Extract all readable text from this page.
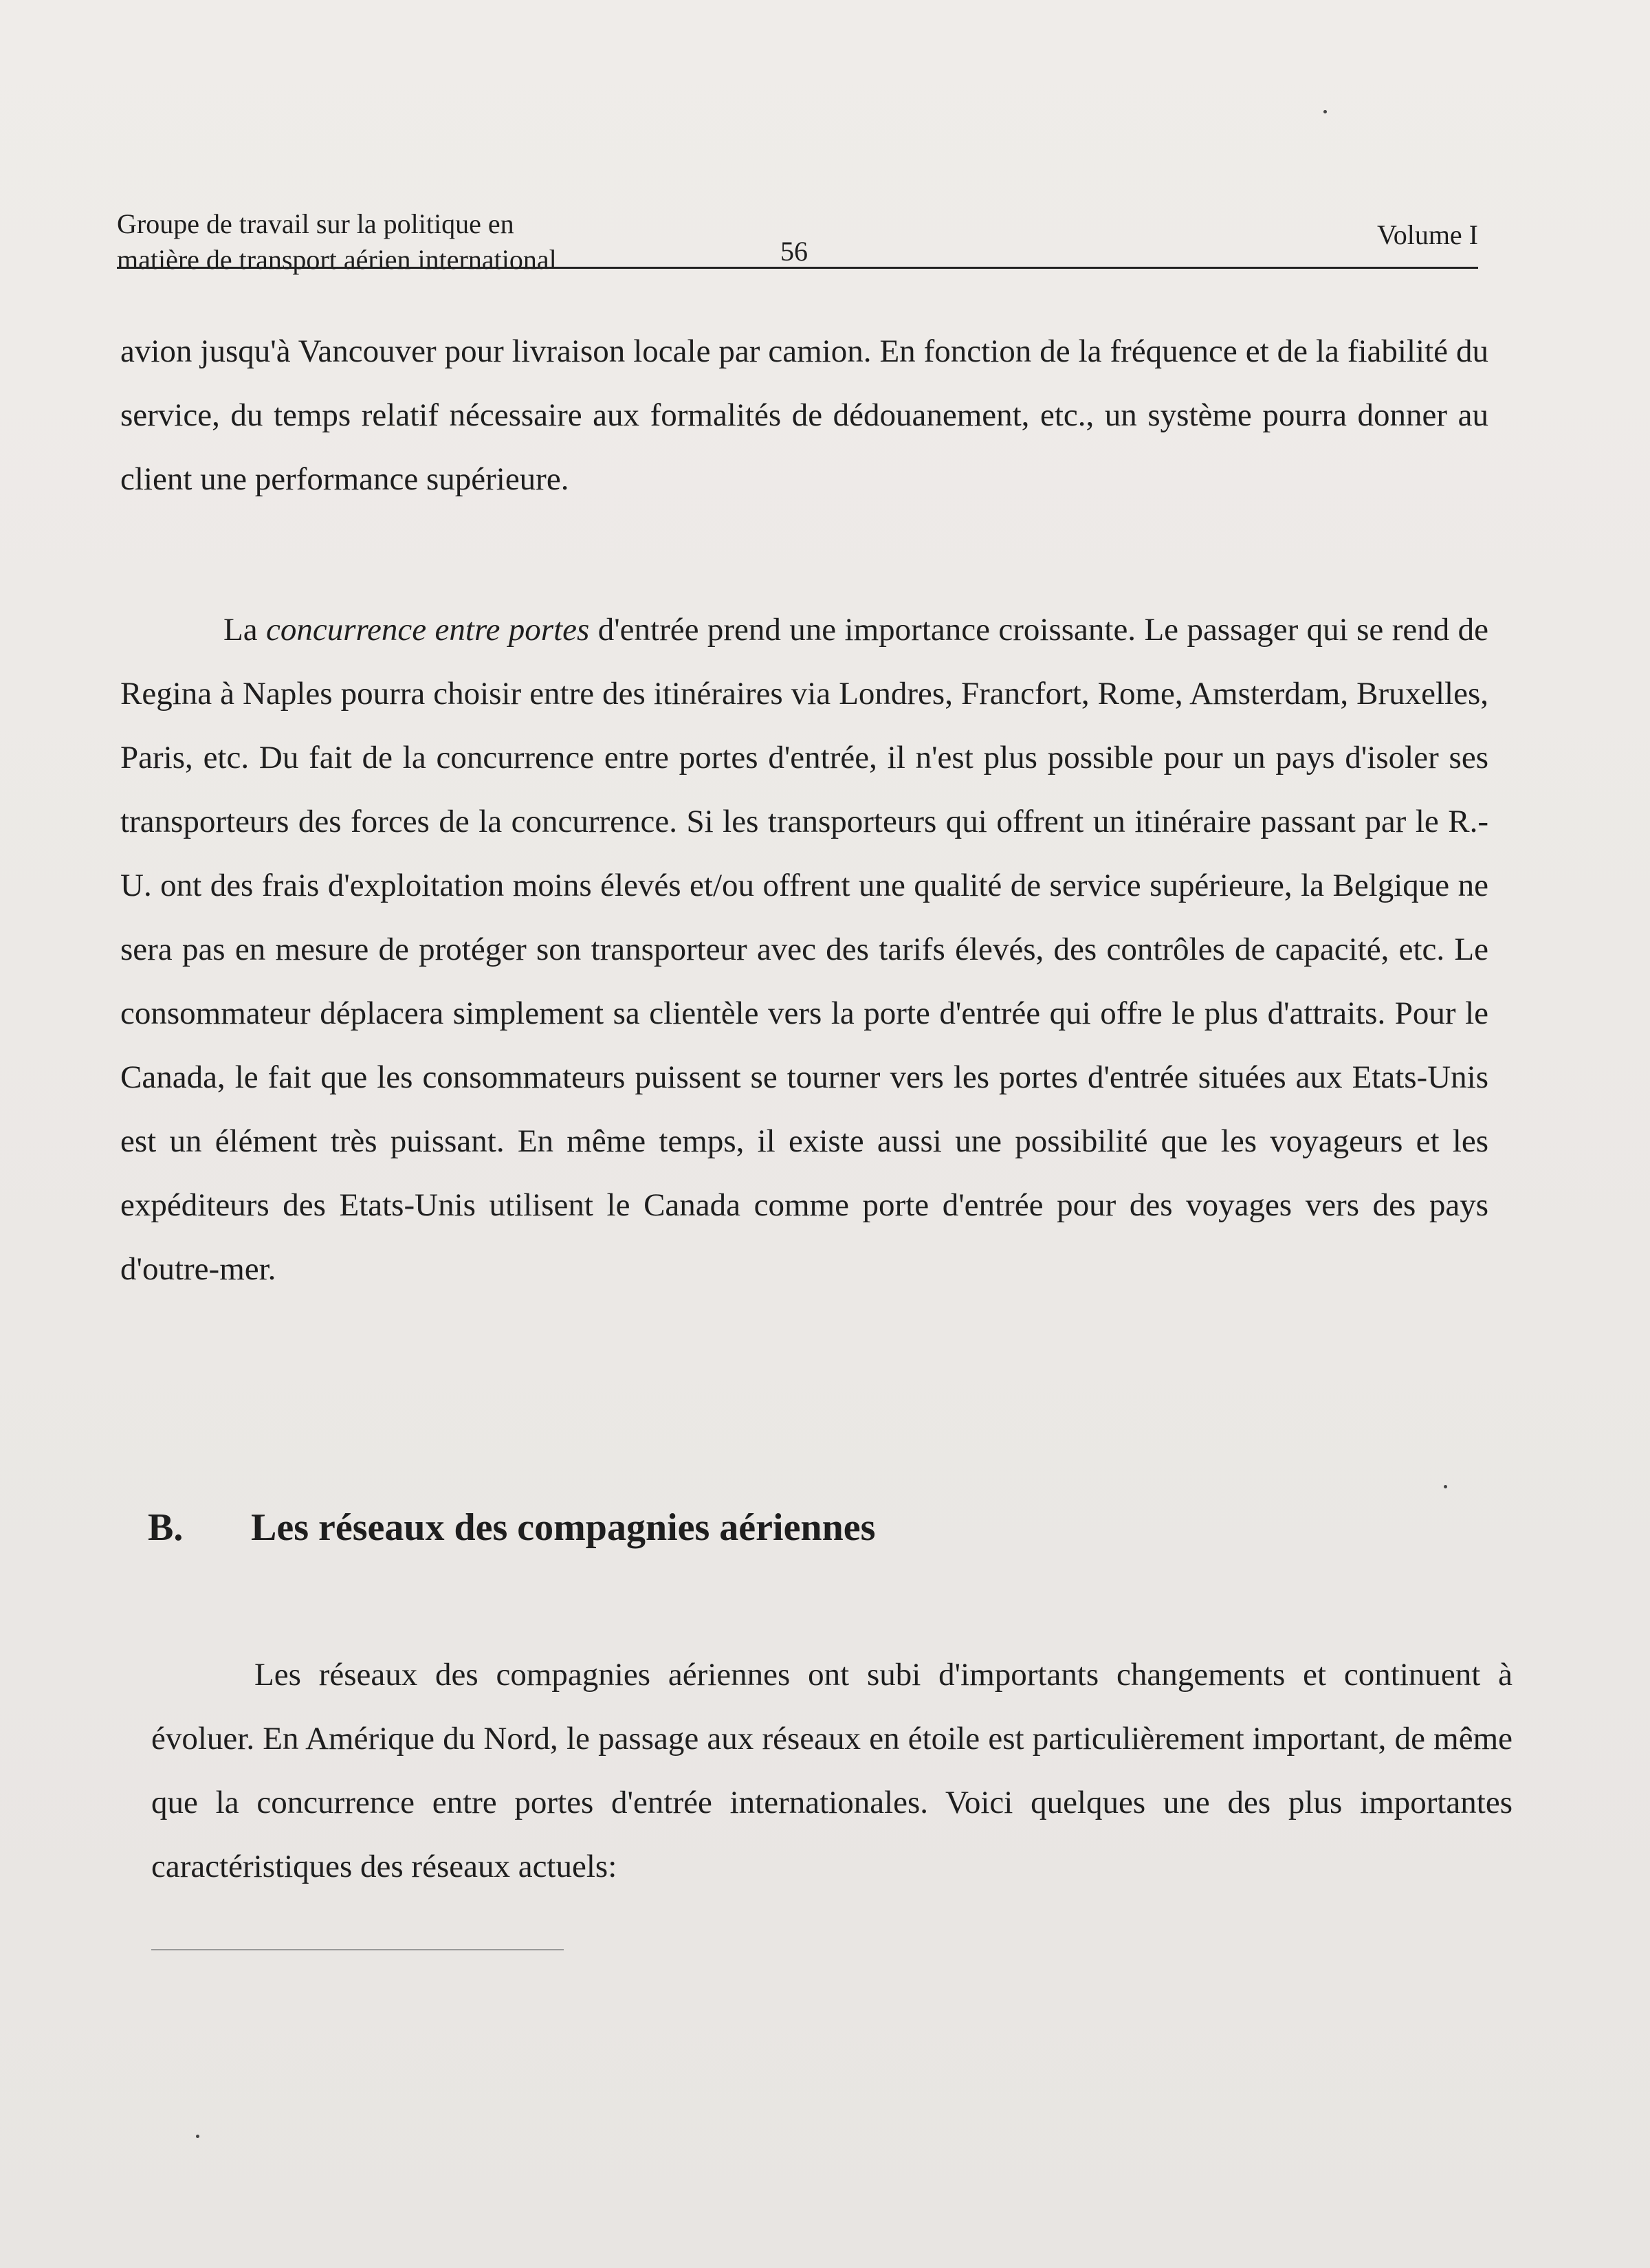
Groupe de travail sur la politique en
matière de transport aérien international	56
Volume I

avion jusqu'à Vancouver pour livraison locale par camion. En fonction de la fréquence et de la fiabilité du service, du temps relatif nécessaire aux formalités de dédouanement, etc., un système pourra donner au client une performance supérieure.

La concurrence entre portes d'entrée prend une importance croissante. Le passager qui se rend de Regina à Naples pourra choisir entre des itinéraires via Londres, Francfort, Rome, Amsterdam, Bruxelles, Paris, etc. Du fait de la concurrence entre portes d'entrée, il n'est plus possible pour un pays d'isoler ses transporteurs des forces de la concurrence. Si les transporteurs qui offrent un itinéraire passant par le R.-U. ont des frais d'exploitation moins élevés et/ou offrent une qualité de service supérieure, la Belgique ne sera pas en mesure de protéger son transporteur avec des tarifs élevés, des contrôles de capacité, etc. Le consommateur déplacera simplement sa clientèle vers la porte d'entrée qui offre le plus d'attraits. Pour le Canada, le fait que les consommateurs puissent se tourner vers les portes d'entrée situées aux Etats-Unis est un élément très puissant. En même temps, il existe aussi une possibilité que les voyageurs et les expéditeurs des Etats-Unis utilisent le Canada comme porte d'entrée pour des voyages vers des pays d'outre-mer.

B. Les réseaux des compagnies aériennes

Les réseaux des compagnies aériennes ont subi d'importants changements et continuent à évoluer. En Amérique du Nord, le passage aux réseaux en étoile est particulièrement important, de même que la concurrence entre portes d'entrée internationales. Voici quelques une des plus importantes caractéristiques des réseaux actuels:
